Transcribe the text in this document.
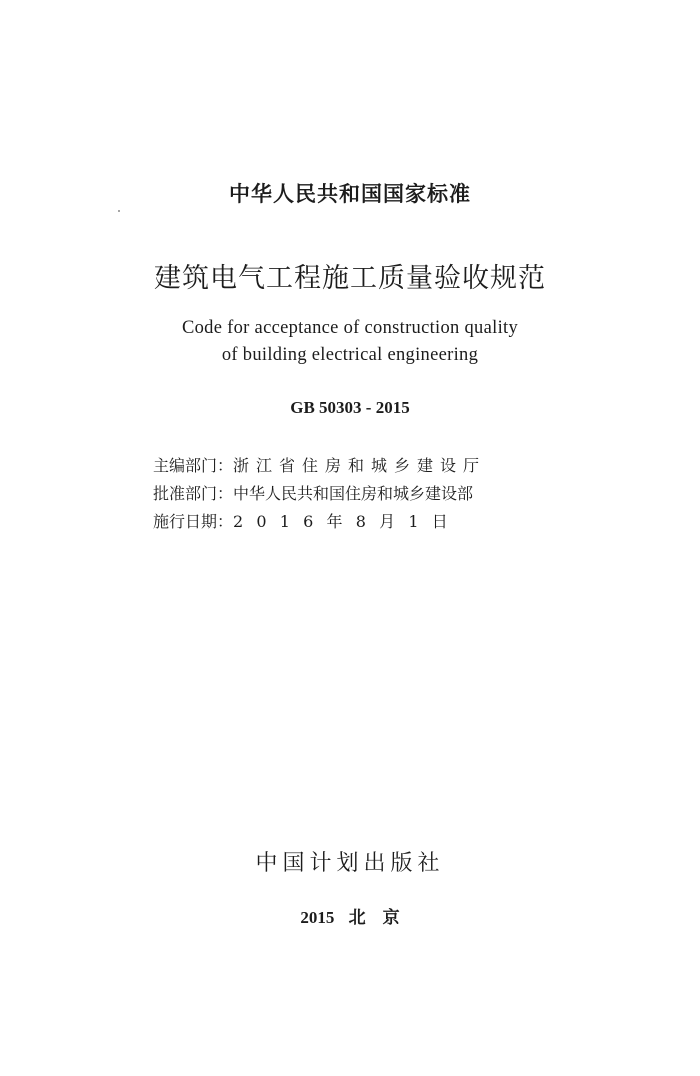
中华人民共和国国家标准
建筑电气工程施工质量验收规范
Code for acceptance of construction quality
of building electrical engineering
GB 50303 - 2015
主编部门： 浙江省住房和城乡建设厅
批准部门： 中华人民共和国住房和城乡建设部
施行日期： 2016年8月1日
中国计划出版社
2015 北　京
